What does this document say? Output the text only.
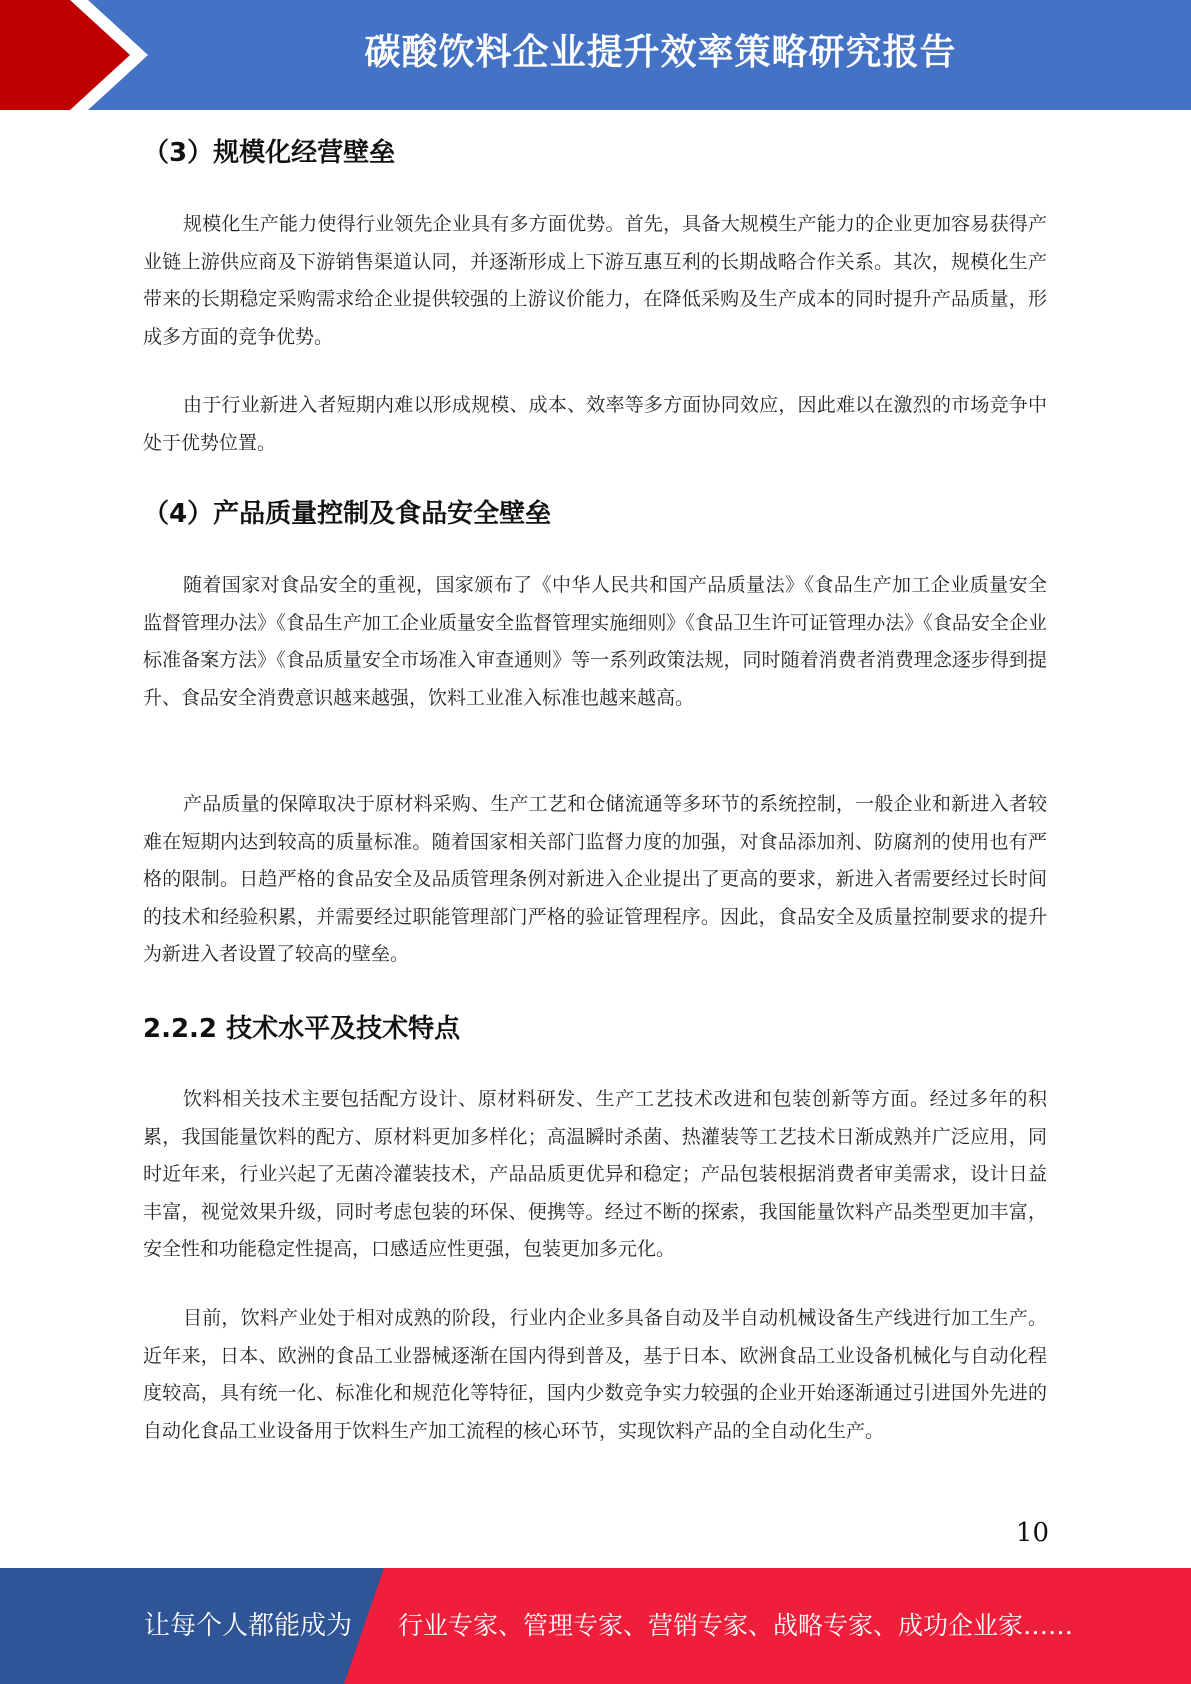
碳酸饮料企业提升效率策略研究报告
（3）规模化经营壁垒
规模化生产能力使得行业领先企业具有多方面优势。首先，具备大规模生产能力的企业更加容易获得产业链上游供应商及下游销售渠道认同，并逐渐形成上下游互惠互利的长期战略合作关系。其次，规模化生产带来的长期稳定采购需求给企业提供较强的上游议价能力，在降低采购及生产成本的同时提升产品质量，形成多方面的竞争优势。
由于行业新进入者短期内难以形成规模、成本、效率等多方面协同效应，因此难以在激烈的市场竞争中处于优势位置。
（4）产品质量控制及食品安全壁垒
随着国家对食品安全的重视，国家颁布了《中华人民共和国产品质量法》《食品生产加工企业质量安全监督管理办法》《食品生产加工企业质量安全监督管理实施细则》《食品卫生许可证管理办法》《食品安全企业标准备案方法》《食品质量安全市场准入审查通则》等一系列政策法规，同时随着消费者消费理念逐步得到提升、食品安全消费意识越来越强，饮料工业准入标准也越来越高。
产品质量的保障取决于原材料采购、生产工艺和仓储流通等多环节的系统控制，一般企业和新进入者较难在短期内达到较高的质量标准。随着国家相关部门监督力度的加强，对食品添加剂、防腐剂的使用也有严格的限制。日趋严格的食品安全及品质管理条例对新进入企业提出了更高的要求，新进入者需要经过长时间的技术和经验积累，并需要经过职能管理部门严格的验证管理程序。因此，食品安全及质量控制要求的提升为新进入者设置了较高的壁垒。
2.2.2 技术水平及技术特点
饮料相关技术主要包括配方设计、原材料研发、生产工艺技术改进和包装创新等方面。经过多年的积累，我国能量饮料的配方、原材料更加多样化；高温瞬时杀菌、热灌装等工艺技术日渐成熟并广泛应用，同时近年来，行业兴起了无菌冷灌装技术，产品品质更优异和稳定；产品包装根据消费者审美需求，设计日益丰富，视觉效果升级，同时考虑包装的环保、便携等。经过不断的探索，我国能量饮料产品类型更加丰富，安全性和功能稳定性提高，口感适应性更强，包装更加多元化。
目前，饮料产业处于相对成熟的阶段，行业内企业多具备自动及半自动机械设备生产线进行加工生产。近年来，日本、欧洲的食品工业器械逐渐在国内得到普及，基于日本、欧洲食品工业设备机械化与自动化程度较高，具有统一化、标准化和规范化等特征，国内少数竞争实力较强的企业开始逐渐通过引进国外先进的自动化食品工业设备用于饮料生产加工流程的核心环节，实现饮料产品的全自动化生产。
10
让每个人都能成为 行业专家、管理专家、营销专家、战略专家、成功企业家……
